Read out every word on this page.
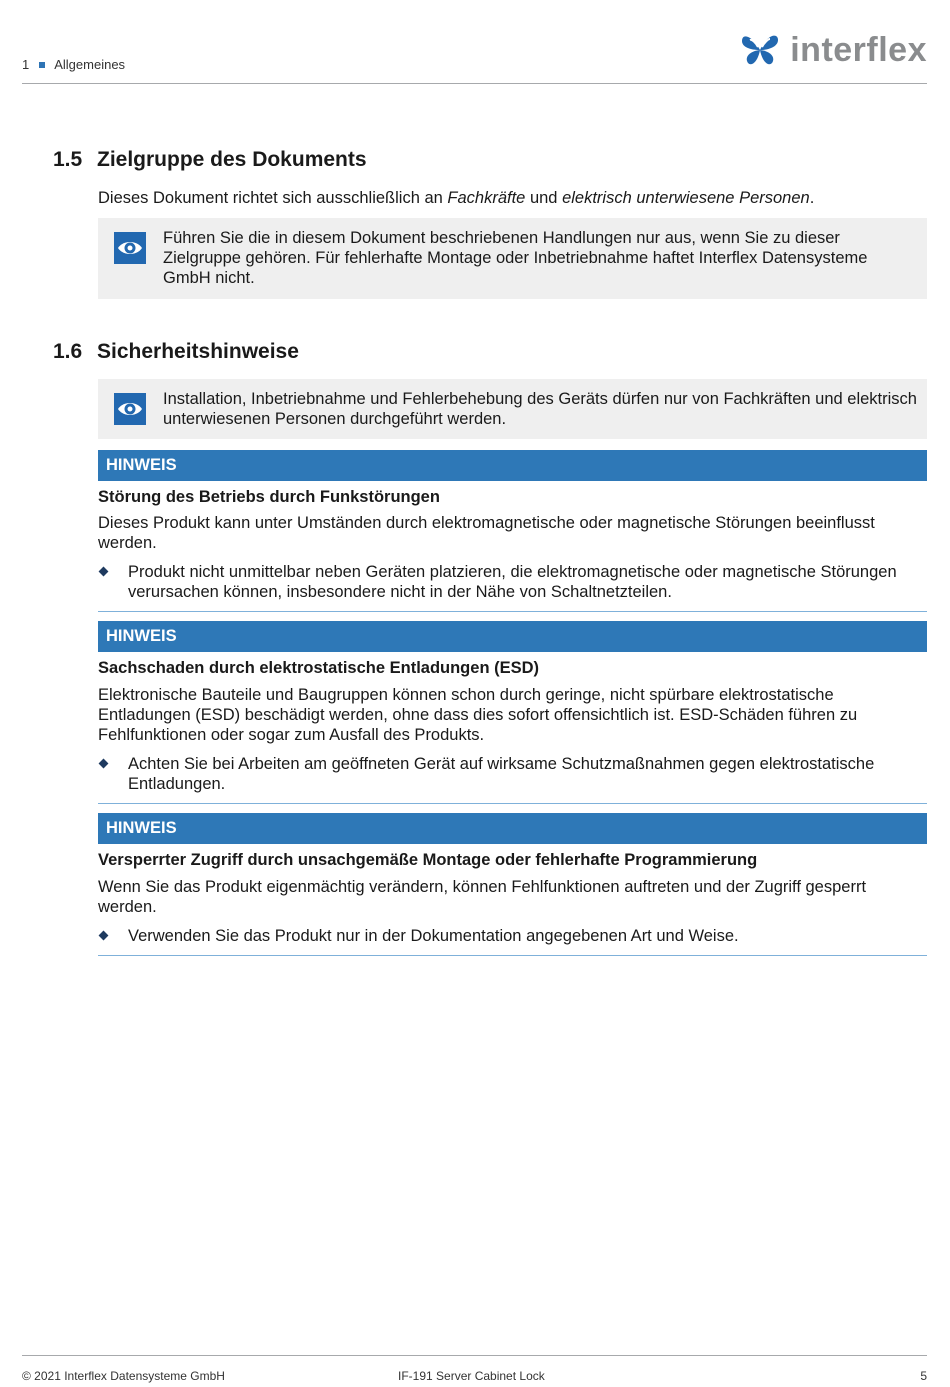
1 Allgemeines	interflex
1.5 Zielgruppe des Dokuments
Dieses Dokument richtet sich ausschließlich an Fachkräfte und elektrisch unterwiesene Personen.
Führen Sie die in diesem Dokument beschriebenen Handlungen nur aus, wenn Sie zu dieser Zielgruppe gehören. Für fehlerhafte Montage oder Inbetriebnahme haftet Interflex Datensysteme GmbH nicht.
1.6 Sicherheitshinweise
Installation, Inbetriebnahme und Fehlerbehebung des Geräts dürfen nur von Fachkräften und elektrisch unterwiesenen Personen durchgeführt werden.
HINWEIS
Störung des Betriebs durch Funkstörungen
Dieses Produkt kann unter Umständen durch elektromagnetische oder magnetische Störungen beeinflusst werden.
Produkt nicht unmittelbar neben Geräten platzieren, die elektromagnetische oder magnetische Störungen verursachen können, insbesondere nicht in der Nähe von Schaltnetzteilen.
HINWEIS
Sachschaden durch elektrostatische Entladungen (ESD)
Elektronische Bauteile und Baugruppen können schon durch geringe, nicht spürbare elektrostatische Entladungen (ESD) beschädigt werden, ohne dass dies sofort offensichtlich ist. ESD-Schäden führen zu Fehlfunktionen oder sogar zum Ausfall des Produkts.
Achten Sie bei Arbeiten am geöffneten Gerät auf wirksame Schutzmaßnahmen gegen elektrostatische Entladungen.
HINWEIS
Versperrter Zugriff durch unsachgemäße Montage oder fehlerhafte Programmierung
Wenn Sie das Produkt eigenmächtig verändern, können Fehlfunktionen auftreten und der Zugriff gesperrt werden.
Verwenden Sie das Produkt nur in der Dokumentation angegebenen Art und Weise.
© 2021 Interflex Datensysteme GmbH	IF-191 Server Cabinet Lock	5
